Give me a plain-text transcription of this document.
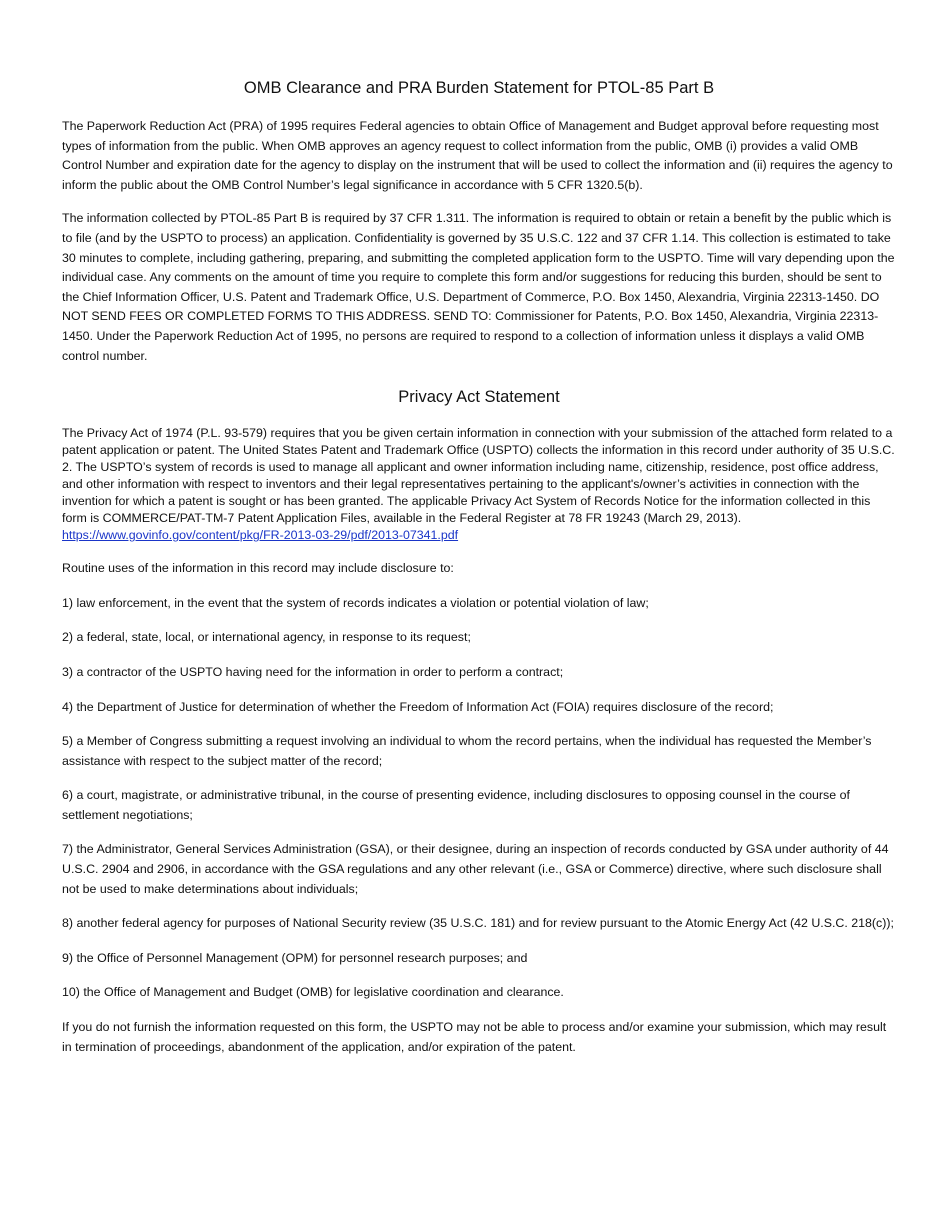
OMB Clearance and PRA Burden Statement for PTOL-85 Part B

The Paperwork Reduction Act (PRA) of 1995 requires Federal agencies to obtain Office of Management and Budget approval before requesting most types of information from the public. When OMB approves an agency request to collect information from the public, OMB (i) provides a valid OMB Control Number and expiration date for the agency to display on the instrument that will be used to collect the information and (ii) requires the agency to inform the public about the OMB Control Number’s legal significance in accordance with 5 CFR 1320.5(b).

The information collected by PTOL-85 Part B is required by 37 CFR 1.311. The information is required to obtain or retain a benefit by the public which is to file (and by the USPTO to process) an application. Confidentiality is governed by 35 U.S.C. 122 and 37 CFR 1.14. This collection is estimated to take 30 minutes to complete, including gathering, preparing, and submitting the completed application form to the USPTO. Time will vary depending upon the individual case. Any comments on the amount of time you require to complete this form and/or suggestions for reducing this burden, should be sent to the Chief Information Officer, U.S. Patent and Trademark Office, U.S. Department of Commerce, P.O. Box 1450, Alexandria, Virginia 22313-1450. DO NOT SEND FEES OR COMPLETED FORMS TO THIS ADDRESS. SEND TO: Commissioner for Patents, P.O. Box 1450, Alexandria, Virginia 22313-1450. Under the Paperwork Reduction Act of 1995, no persons are required to respond to a collection of information unless it displays a valid OMB control number.

Privacy Act Statement

The Privacy Act of 1974 (P.L. 93-579) requires that you be given certain information in connection with your submission of the attached form related to a patent application or patent. The United States Patent and Trademark Office (USPTO) collects the information in this record under authority of 35 U.S.C. 2. The USPTO’s system of records is used to manage all applicant and owner information including name, citizenship, residence, post office address, and other information with respect to inventors and their legal representatives pertaining to the applicant's/owner’s activities in connection with the invention for which a patent is sought or has been granted. The applicable Privacy Act System of Records Notice for the information collected in this form is COMMERCE/PAT-TM-7 Patent Application Files, available in the Federal Register at 78 FR 19243 (March 29, 2013). https://www.govinfo.gov/content/pkg/FR-2013-03-29/pdf/2013-07341.pdf

Routine uses of the information in this record may include disclosure to:

1) law enforcement, in the event that the system of records indicates a violation or potential violation of law;

2) a federal, state, local, or international agency, in response to its request;

3) a contractor of the USPTO having need for the information in order to perform a contract;

4) the Department of Justice for determination of whether the Freedom of Information Act (FOIA) requires disclosure of the record;

5) a Member of Congress submitting a request involving an individual to whom the record pertains, when the individual has requested the Member’s assistance with respect to the subject matter of the record;

6) a court, magistrate, or administrative tribunal, in the course of presenting evidence, including disclosures to opposing counsel in the course of settlement negotiations;

7) the Administrator, General Services Administration (GSA), or their designee, during an inspection of records conducted by GSA under authority of 44 U.S.C. 2904 and 2906, in accordance with the GSA regulations and any other relevant (i.e., GSA or Commerce) directive, where such disclosure shall not be used to make determinations about individuals;

8) another federal agency for purposes of National Security review (35 U.S.C. 181) and for review pursuant to the Atomic Energy Act (42 U.S.C. 218(c));

9) the Office of Personnel Management (OPM) for personnel research purposes; and

10) the Office of Management and Budget (OMB) for legislative coordination and clearance.

If you do not furnish the information requested on this form, the USPTO may not be able to process and/or examine your submission, which may result in termination of proceedings, abandonment of the application, and/or expiration of the patent.
